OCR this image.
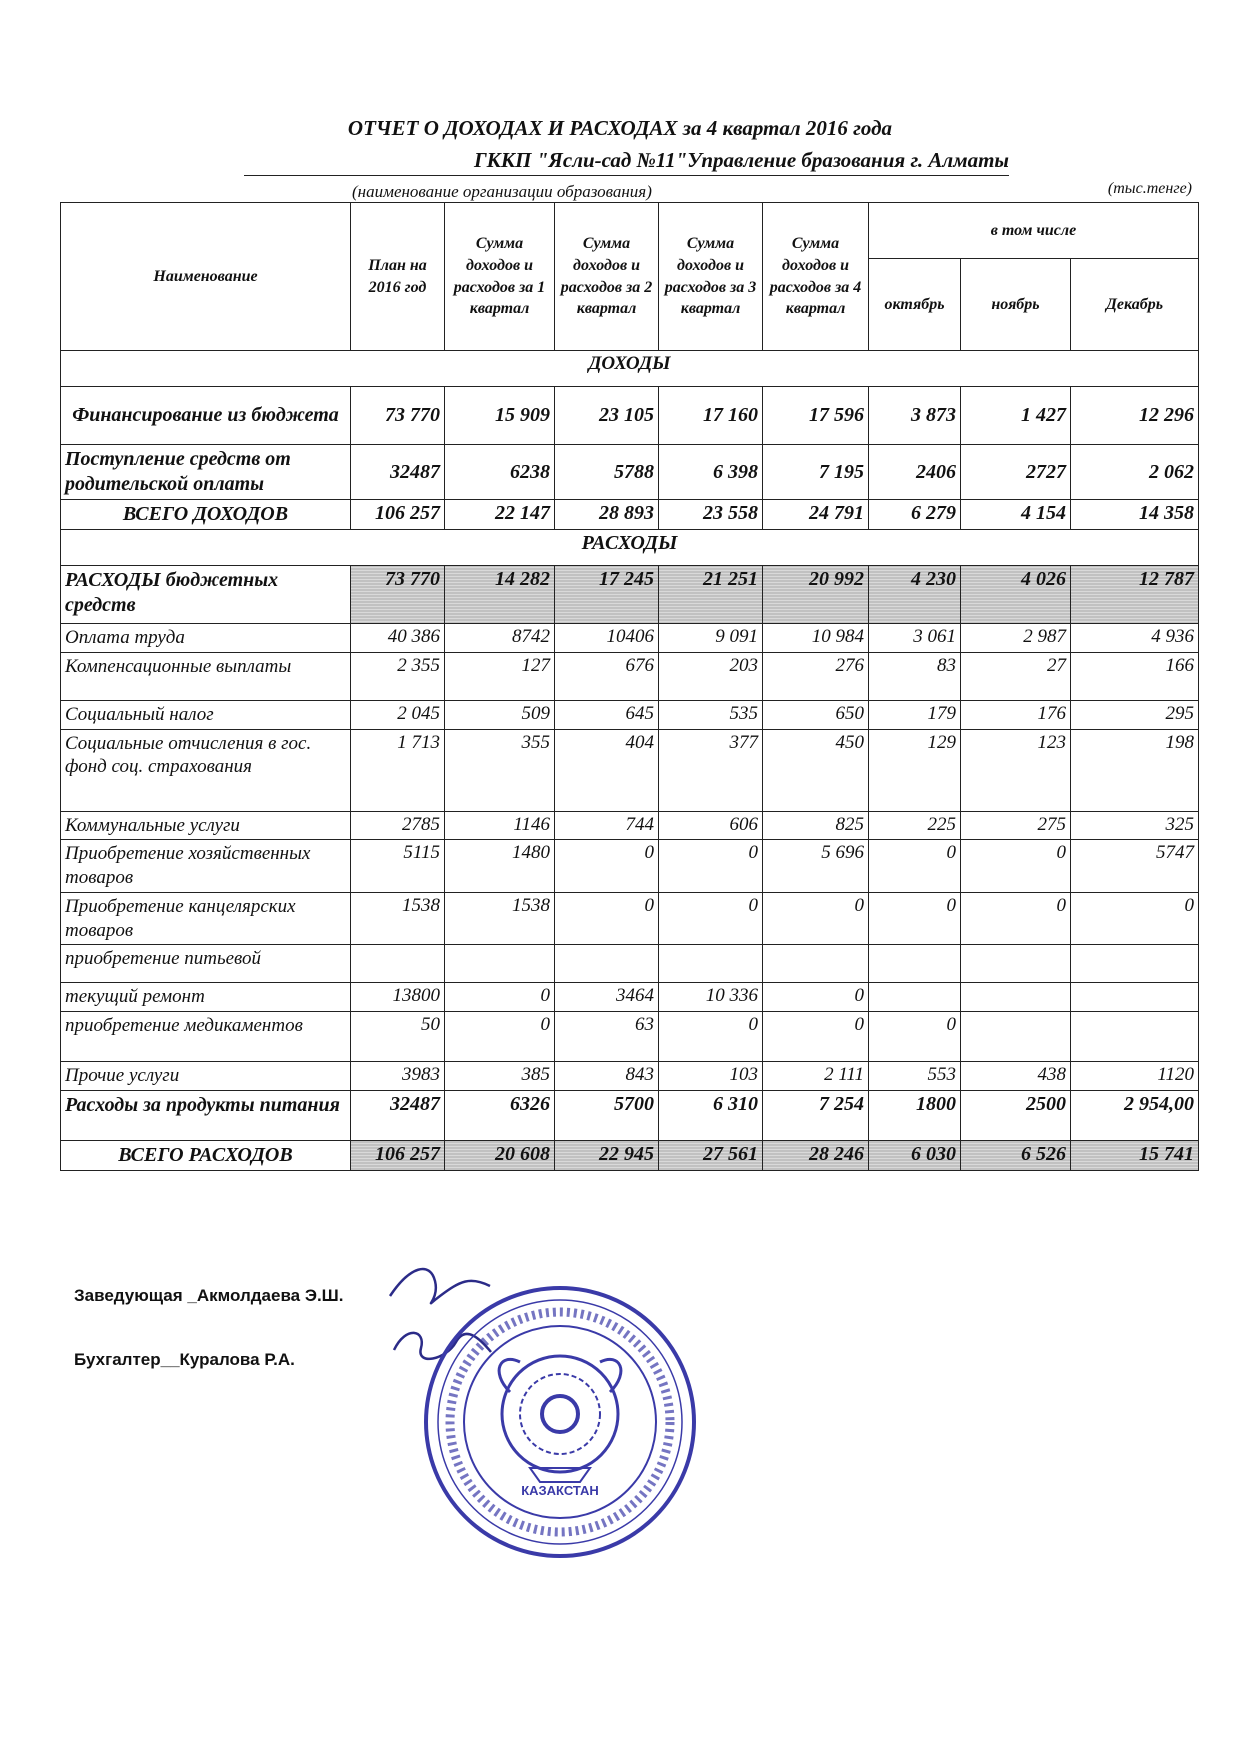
ОТЧЕТ О ДОХОДАХ И РАСХОДАХ за 4 квартал 2016 года
ГККП "Ясли-сад №11"Управление бразования г. Алматы
(наименование организации образования)	(тыс.тенге)
Наименование	План на 2016 год	Сумма доходов и расходов за 1 квартал	Сумма доходов и расходов за 2 квартал	Сумма доходов и расходов за 3 квартал	Сумма доходов и расходов за 4 квартал	в том числе		
						октябрь	ноябрь	Декабрь
ДОХОДЫ								
Финансирование из бюджета	73 770	15 909	23 105	17 160	17 596	3 873	1 427	12 296
Поступление средств от родительской оплаты	32487	6238	5788	6 398	7 195	2406	2727	2 062
ВСЕГО ДОХОДОВ	106 257	22 147	28 893	23 558	24 791	6 279	4 154	14 358
РАСХОДЫ								
РАСХОДЫ бюджетных средств	73 770	14 282	17 245	21 251	20 992	4 230	4 026	12 787
Оплата труда	40 386	8742	10406	9 091	10 984	3 061	2 987	4 936
Компенсационные выплаты	2 355	127	676	203	276	83	27	166
Социальный налог	2 045	509	645	535	650	179	176	295
Социальные отчисления в гос. фонд соц. страхования	1 713	355	404	377	450	129	123	198
Коммунальные услуги	2785	1146	744	606	825	225	275	325
Приобретение хозяйственных товаров	5115	1480	0	0	5 696	0	0	5747
Приобретение канцелярских товаров	1538	1538	0	0	0	0	0	0
приобретение питьевой								
текущий ремонт	13800	0	3464	10 336	0			
приобретение медикаментов	50	0	63	0	0	0		
Прочие услуги	3983	385	843	103	2 111	553	438	1120
Расходы за продукты питания	32487	6326	5700	6 310	7 254	1800	2500	2 954,00
ВСЕГО РАСХОДОВ	106 257	20 608	22 945	27 561	28 246	6 030	6 526	15 741
Заведующая _Акмолдаева Э.Ш.
Бухгалтер__Куралова Р.А.
КАЗАКСТАН
